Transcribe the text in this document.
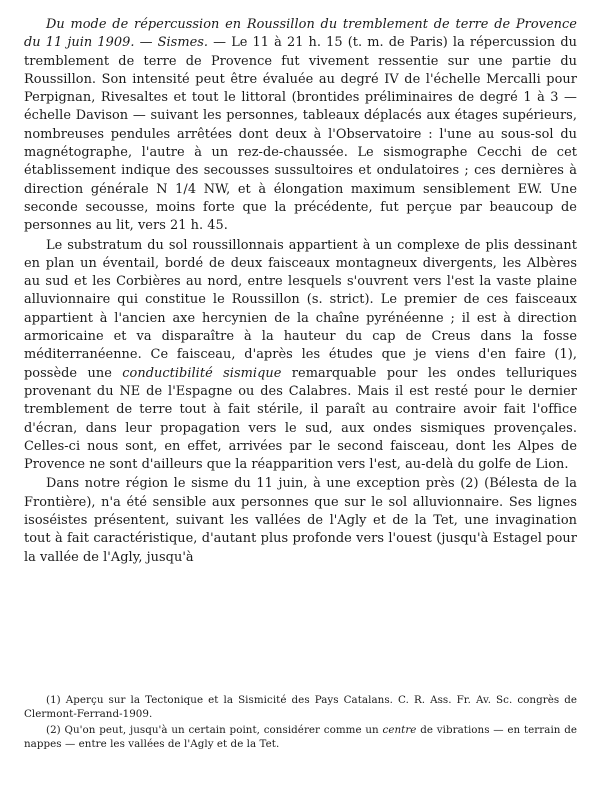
Du mode de répercussion en Roussillon du tremblement de terre de Provence du 11 juin 1909. — Sismes. — Le 11 à 21 h. 15 (t. m. de Paris) la répercussion du tremblement de terre de Provence fut vivement ressentie sur une partie du Roussillon. Son intensité peut être évaluée au degré IV de l'échelle Mercalli pour Perpignan, Rivesaltes et tout le littoral (brontides préliminaires de degré 1 à 3 — échelle Davison — suivant les personnes, tableaux déplacés aux étages supérieurs, nombreuses pendules arrêtées dont deux à l'Observatoire : l'une au sous-sol du magnétographe, l'autre à un rez-de-chaussée. Le sismographe Cecchi de cet établissement indique des secousses sussultoires et ondulatoires ; ces dernières à direction générale N 1/4 NW, et à élongation maximum sensiblement EW. Une seconde secousse, moins forte que la précédente, fut perçue par beaucoup de personnes au lit, vers 21 h. 45.

Le substratum du sol roussillonnais appartient à un complexe de plis dessinant en plan un éventail, bordé de deux faisceaux montagneux divergents, les Albères au sud et les Corbières au nord, entre lesquels s'ouvrent vers l'est la vaste plaine alluvionnaire qui constitue le Roussillon (s. strict). Le premier de ces faisceaux appartient à l'ancien axe hercynien de la chaîne pyrénéenne ; il est à direction armoricaine et va disparaître à la hauteur du cap de Creus dans la fosse méditerranéenne. Ce faisceau, d'après les études que je viens d'en faire (1), possède une conductibilité sismique remarquable pour les ondes telluriques provenant du NE de l'Espagne ou des Calabres. Mais il est resté pour le dernier tremblement de terre tout à fait stérile, il paraît au contraire avoir fait l'office d'écran, dans leur propagation vers le sud, aux ondes sismiques provençales. Celles-ci nous sont, en effet, arrivées par le second faisceau, dont les Alpes de Provence ne sont d'ailleurs que la réapparition vers l'est, au-delà du golfe de Lion.

Dans notre région le sisme du 11 juin, à une exception près (2) (Bélesta de la Frontière), n'a été sensible aux personnes que sur le sol alluvionnaire. Ses lignes isoséistes présentent, suivant les vallées de l'Agly et de la Tet, une invagination tout à fait caractéristique, d'autant plus profonde vers l'ouest (jusqu'à Estagel pour la vallée de l'Agly, jusqu'à

(1) Aperçu sur la Tectonique et la Sismicité des Pays Catalans. C. R. Ass. Fr. Av. Sc. congrès de Clermont-Ferrand-1909.

(2) Qu'on peut, jusqu'à un certain point, considérer comme un centre de vibrations — en terrain de nappes — entre les vallées de l'Agly et de la Tet.
